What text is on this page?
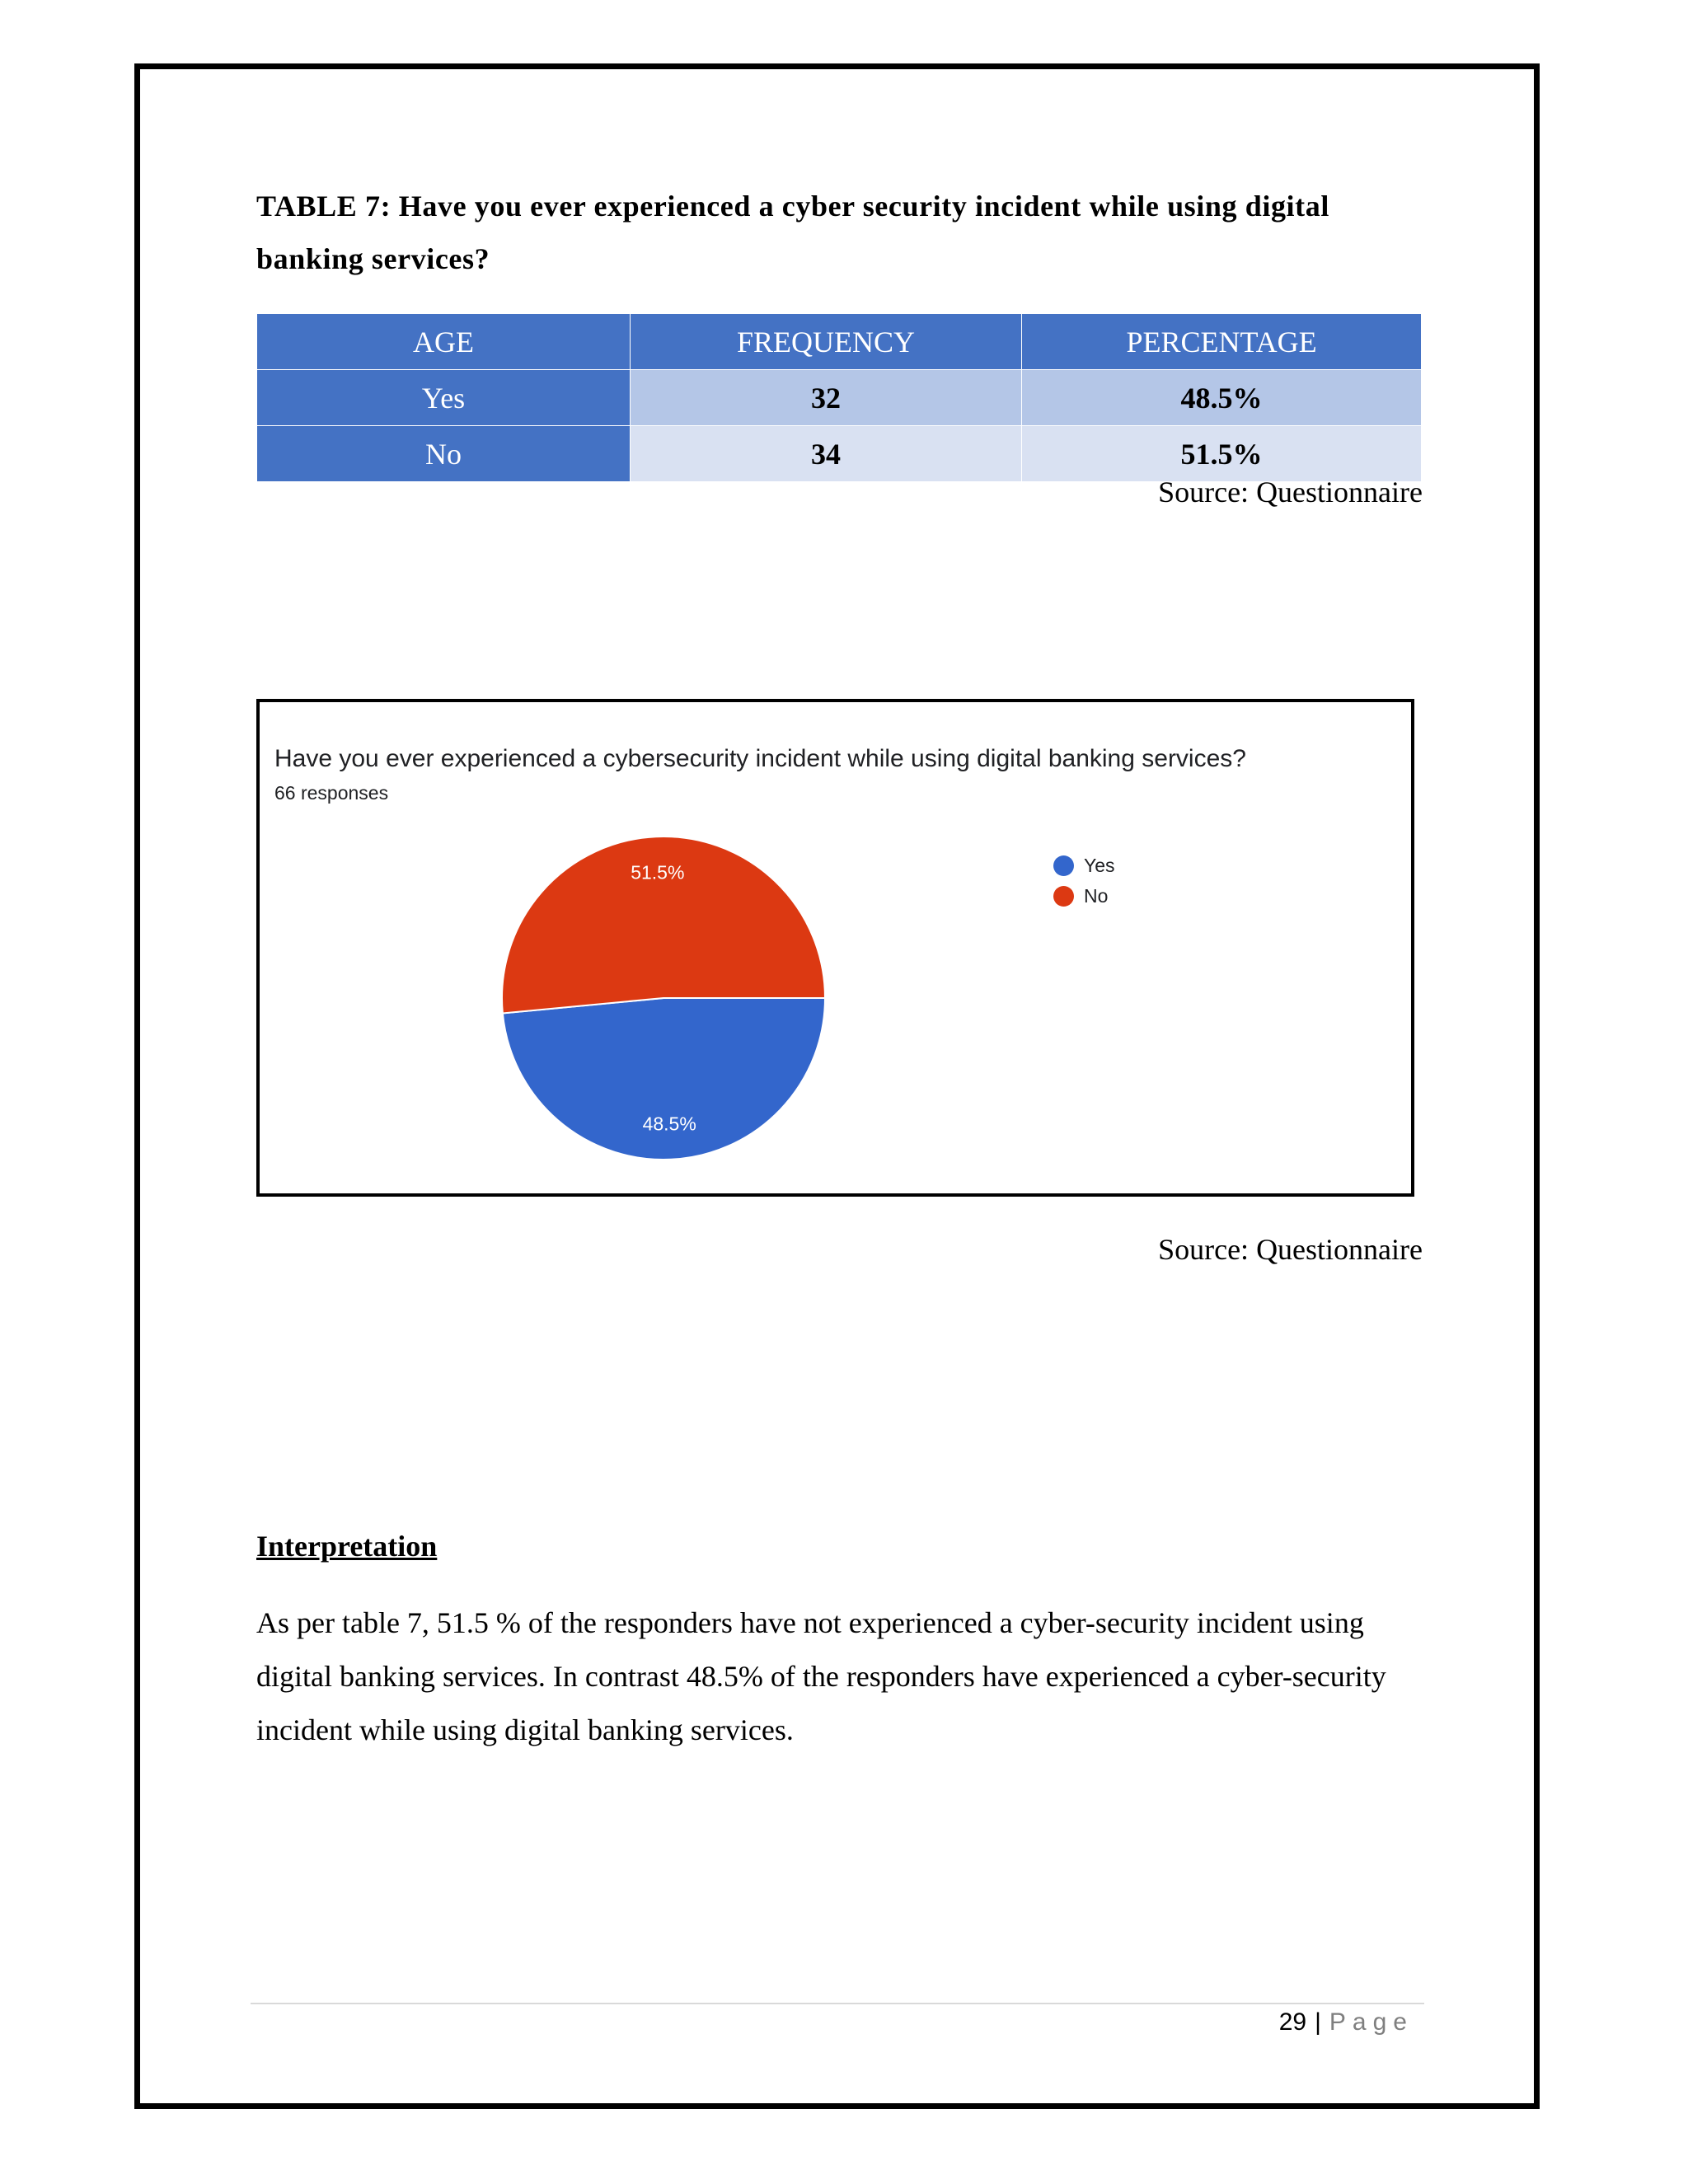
TABLE 7: Have you ever experienced a cyber security incident while using digital banking services?
AGE	FREQUENCY	PERCENTAGE
Yes	32	48.5%
No	34	51.5%
Source: Questionnaire
Have you ever experienced a cybersecurity incident while using digital banking services?
66 responses
48.5%
51.5%	Yes
No
Source: Questionnaire
Interpretation
As per table 7, 51.5 % of the responders have not experienced a cyber-security incident using digital banking services. In contrast 48.5% of the responders have experienced a cyber-security incident while using digital banking services.
29 | Page
